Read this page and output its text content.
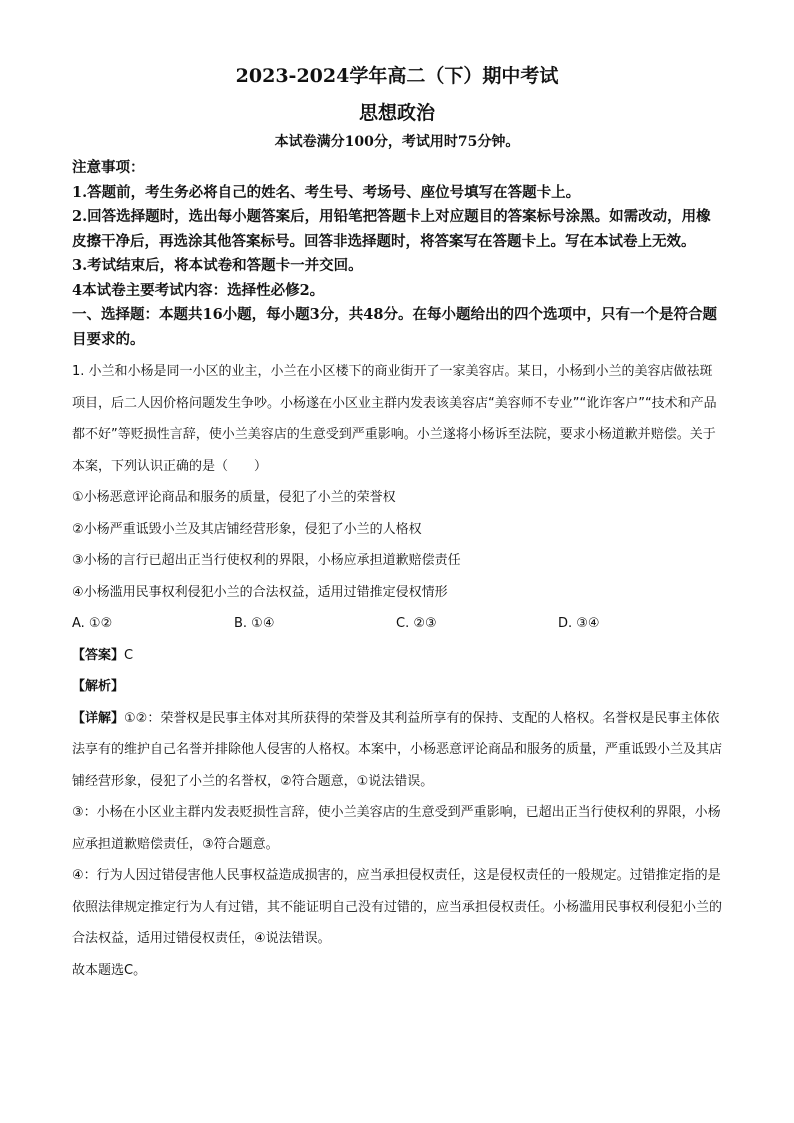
2023-2024学年高二（下）期中考试
思想政治
本试卷满分100分，考试用时75分钟。

注意事项：

1.答题前，考生务必将自己的姓名、考生号、考场号、座位号填写在答题卡上。

2.回答选择题时，选出每小题答案后，用铅笔把答题卡上对应题目的答案标号涂黑。如需改动，用橡皮擦干净后，再选涂其他答案标号。回答非选择题时，将答案写在答题卡上。写在本试卷上无效。

3.考试结束后，将本试卷和答题卡一并交回。

4本试卷主要考试内容：选择性必修2。

一、选择题：本题共16小题，每小题3分，共48分。在每小题给出的四个选项中，只有一个是符合题目要求的。

1. 小兰和小杨是同一小区的业主，小兰在小区楼下的商业街开了一家美容店。某日，小杨到小兰的美容店做祛斑项目，后二人因价格问题发生争吵。小杨遂在小区业主群内发表该美容店“美容师不专业”“讹诈客户”“技术和产品都不好”等贬损性言辞，使小兰美容店的生意受到严重影响。小兰遂将小杨诉至法院，要求小杨道歉并赔偿。关于本案，下列认识正确的是（　　）

①小杨恶意评论商品和服务的质量，侵犯了小兰的荣誉权

②小杨严重诋毁小兰及其店铺经营形象，侵犯了小兰的人格权

③小杨的言行已超出正当行使权利的界限，小杨应承担道歉赔偿责任

④小杨滥用民事权利侵犯小兰的合法权益，适用过错推定侵权情形

A. ①②	B. ①④	C. ②③	D. ③④

【答案】C

【解析】

【详解】①②：荣誉权是民事主体对其所获得的荣誉及其利益所享有的保持、支配的人格权。名誉权是民事主体依法享有的维护自己名誉并排除他人侵害的人格权。本案中，小杨恶意评论商品和服务的质量，严重诋毁小兰及其店铺经营形象，侵犯了小兰的名誉权，②符合题意，①说法错误。

③：小杨在小区业主群内发表贬损性言辞，使小兰美容店的生意受到严重影响，已超出正当行使权利的界限，小杨应承担道歉赔偿责任，③符合题意。

④：行为人因过错侵害他人民事权益造成损害的，应当承担侵权责任，这是侵权责任的一般规定。过错推定指的是依照法律规定推定行为人有过错，其不能证明自己没有过错的，应当承担侵权责任。小杨滥用民事权利侵犯小兰的合法权益，适用过错侵权责任，④说法错误。

故本题选C。
